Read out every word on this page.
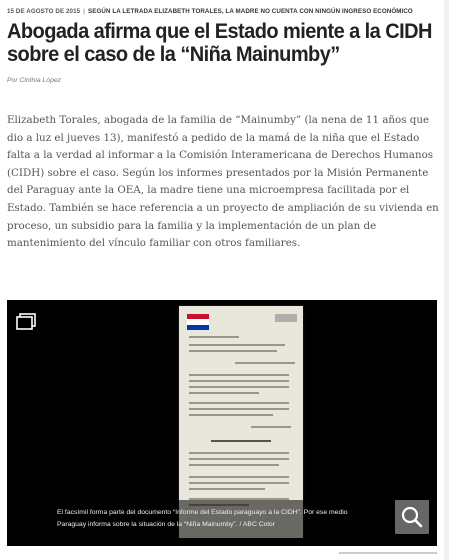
15 DE AGOSTO DE 2015 | SEGÚN LA LETRADA ELIZABETH TORALES, LA MADRE NO CUENTA CON NINGÚN INGRESO ECONÓMICO
Abogada afirma que el Estado miente a la CIDH sobre el caso de la “Niña Mainumby”
Por Cinthia López

Elizabeth Torales, abogada de la familia de “Mainumby” (la nena de 11 años que dio a luz el jueves 13), manifestó a pedido de la mamá de la niña que el Estado falta a la verdad al informar a la Comisión Interamericana de Derechos Humanos (CIDH) sobre el caso. Según los informes presentados por la Misión Permanente del Paraguay ante la OEA, la madre tiene una microempresa facilitada por el Estado. También se hace referencia a un proyecto de ampliación de su vivienda en proceso, un subsidio para la familia y la implementación de un plan de mantenimiento del vínculo familiar con otros familiares.

El facsímil forma parte del documento “Informe del Estado paraguayo a la CIDH”. Por ese medio
Paraguay informa sobre la situación de la “Niña Mainumby”. / ABC Color
